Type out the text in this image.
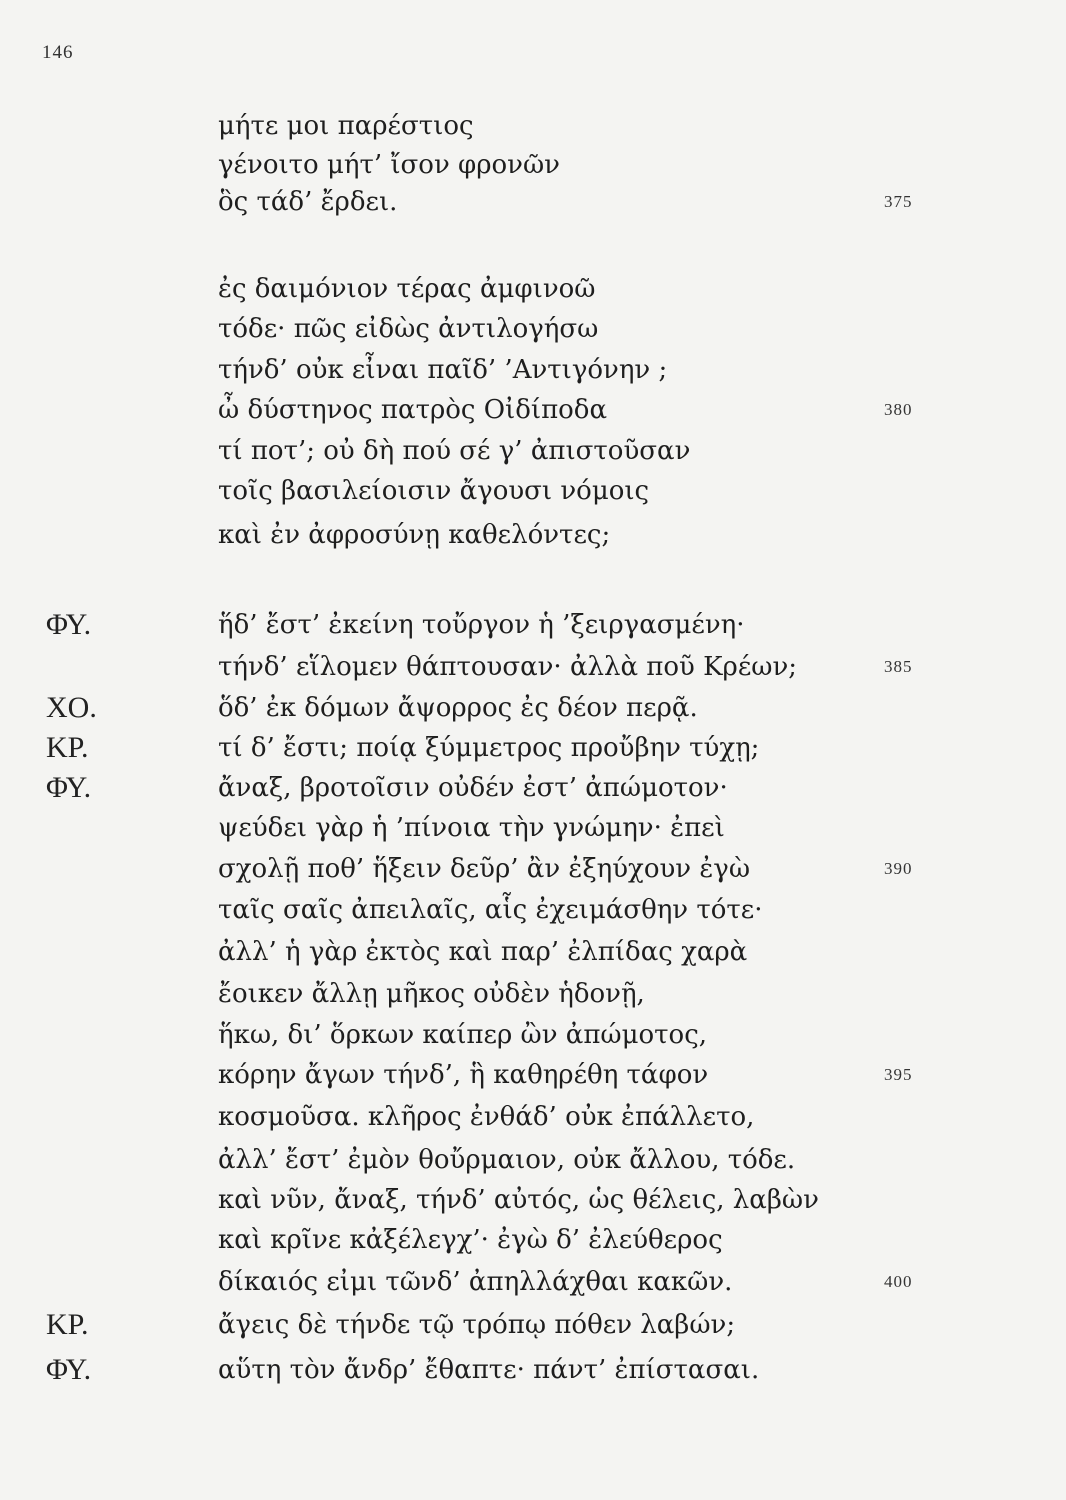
146
μήτε μοι παρέστιος
γένοιτο μήτ’ ἴσον φρονῶν
ὃς τάδ’ ἔρδει.	375
ἐς δαιμόνιον τέρας ἀμφινοῶ
τόδε· πῶς εἰδὼς ἀντιλογήσω
τήνδ’ οὐκ εἶναι παῖδ’ ’Αντιγόνην ;
ὦ δύστηνος πατρὸς Οἰδίποδα	380
τί ποτ’; οὐ δὴ πού σέ γ’ ἀπιστοῦσαν
τοῖς βασιλείοισιν ἄγουσι νόμοις
καὶ ἐν ἀφροσύνῃ καθελόντες;
ΦΥ.	ἥδ’ ἔστ’ ἐκείνη τοὔργον ἡ ’ξειργασμένη·
τήνδ’ εἵλομεν θάπτουσαν· ἀλλὰ ποῦ Κρέων;	385
ΧΟ.	ὅδ’ ἐκ δόμων ἄψορρος ἐς δέον περᾷ.
ΚΡ.	τί δ’ ἔστι; ποίᾳ ξύμμετρος προὔβην τύχῃ;
ΦΥ.	ἄναξ, βροτοῖσιν οὐδέν ἐστ’ ἀπώμοτον·
ψεύδει γὰρ ἡ ’πίνοια τὴν γνώμην· ἐπεὶ
σχολῇ ποθ’ ἥξειν δεῦρ’ ἂν ἐξηύχουν ἐγὼ	390
ταῖς σαῖς ἀπειλαῖς, αἷς ἐχειμάσθην τότε·
ἀλλ’ ἡ γὰρ ἐκτὸς καὶ παρ’ ἐλπίδας χαρὰ
ἔοικεν ἄλλῃ μῆκος οὐδὲν ἡδονῇ,
ἥκω, δι’ ὅρκων καίπερ ὢν ἀπώμοτος,
κόρην ἄγων τήνδ’, ἣ καθηρέθη τάφον	395
κοσμοῦσα. κλῆρος ἐνθάδ’ οὐκ ἐπάλλετο,
ἀλλ’ ἔστ’ ἐμὸν θοὔρμαιον, οὐκ ἄλλου, τόδε.
καὶ νῦν, ἄναξ, τήνδ’ αὐτός, ὡς θέλεις, λαβὼν
καὶ κρῖνε κἀξέλεγχ’· ἐγὼ δ’ ἐλεύθερος
δίκαιός εἰμι τῶνδ’ ἀπηλλάχθαι κακῶν.	400
ΚΡ.	ἄγεις δὲ τήνδε τῷ τρόπῳ πόθεν λαβών;
ΦΥ.	αὕτη τὸν ἄνδρ’ ἔθαπτε· πάντ’ ἐπίστασαι.
